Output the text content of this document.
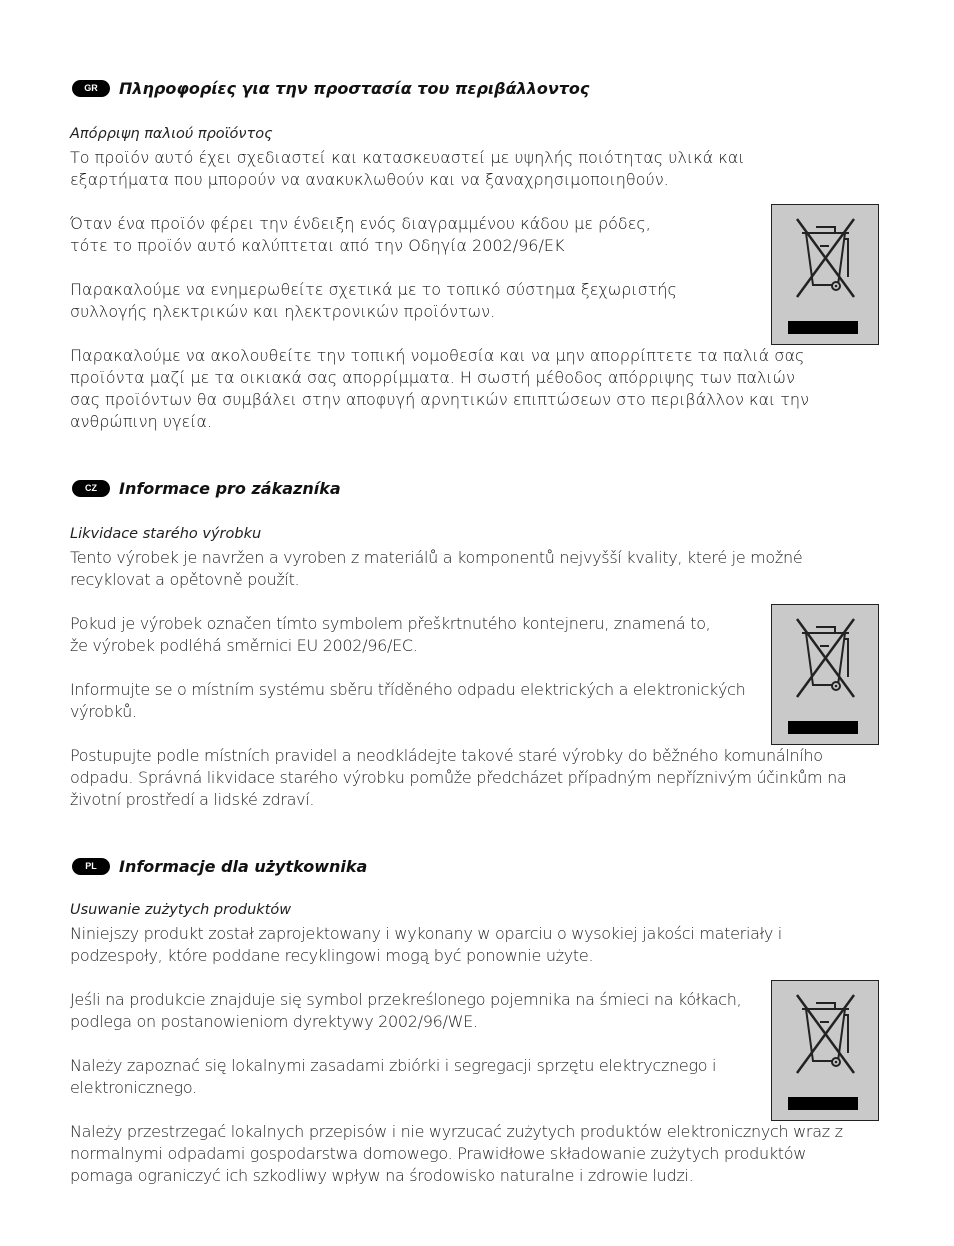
GR	Πληροφορίες για την προστασία του περιβάλλοντος
Απόρριψη παλιού προϊόντος
Το προϊόν αυτό έχει σχεδιαστεί και κατασκευαστεί με υψηλής ποιότητας υλικά και
εξαρτήματα που μπορούν να ανακυκλωθούν και να ξαναχρησιμοποιηθούν.
Όταν ένα προϊόν φέρει την ένδειξη ενός διαγραμμένου κάδου με ρόδες,
τότε το προϊόν αυτό καλύπτεται από την Οδηγία 2002/96/ΕΚ
Παρακαλούμε να ενημερωθείτε σχετικά με το τοπικό σύστημα ξεχωριστής
συλλογής ηλεκτρικών και ηλεκτρονικών προϊόντων.
Παρακαλούμε να ακολουθείτε την τοπική νομοθεσία και να μην απορρίπτετε τα παλιά σας
προϊόντα μαζί με τα οικιακά σας απορρίμματα. Η σωστή μέθοδος απόρριψης των παλιών
σας προϊόντων θα συμβάλει στην αποφυγή αρνητικών επιπτώσεων στο περιβάλλον και την
ανθρώπινη υγεία.
CZ	Informace pro zákazníka
Likvidace starého výrobku
Tento výrobek je navržen a vyroben z materiálů a komponentů nejvyšší kvality, které je možné
recyklovat a opětovně použít.
Pokud je výrobek označen tímto symbolem přeškrtnutého kontejneru, znamená to,
že výrobek podléhá směrnici EU 2002/96/EC.
Informujte se o místním systému sběru tříděného odpadu elektrických a elektronických
výrobků.
Postupujte podle místních pravidel a neodkládejte takové staré výrobky do běžného komunálního
odpadu. Správná likvidace starého výrobku pomůže předcházet případným nepříznivým účinkům na
životní prostředí a lidské zdraví.
PL	Informacje dla użytkownika
Usuwanie zużytych produktów
Niniejszy produkt został zaprojektowany i wykonany w oparciu o wysokiej jakości materiały i
podzespoły, które poddane recyklingowi mogą być ponownie użyte.
Jeśli na produkcie znajduje się symbol przekreślonego pojemnika na śmieci na kółkach,
podlega on postanowieniom dyrektywy 2002/96/WE.
Należy zapoznać się lokalnymi zasadami zbiórki i segregacji sprzętu elektrycznego i
elektronicznego.
Należy przestrzegać lokalnych przepisów i nie wyrzucać zużytych produktów elektronicznych wraz z
normalnymi odpadami gospodarstwa domowego. Prawidłowe składowanie zużytych produktów
pomaga ograniczyć ich szkodliwy wpływ na środowisko naturalne i zdrowie ludzi.
